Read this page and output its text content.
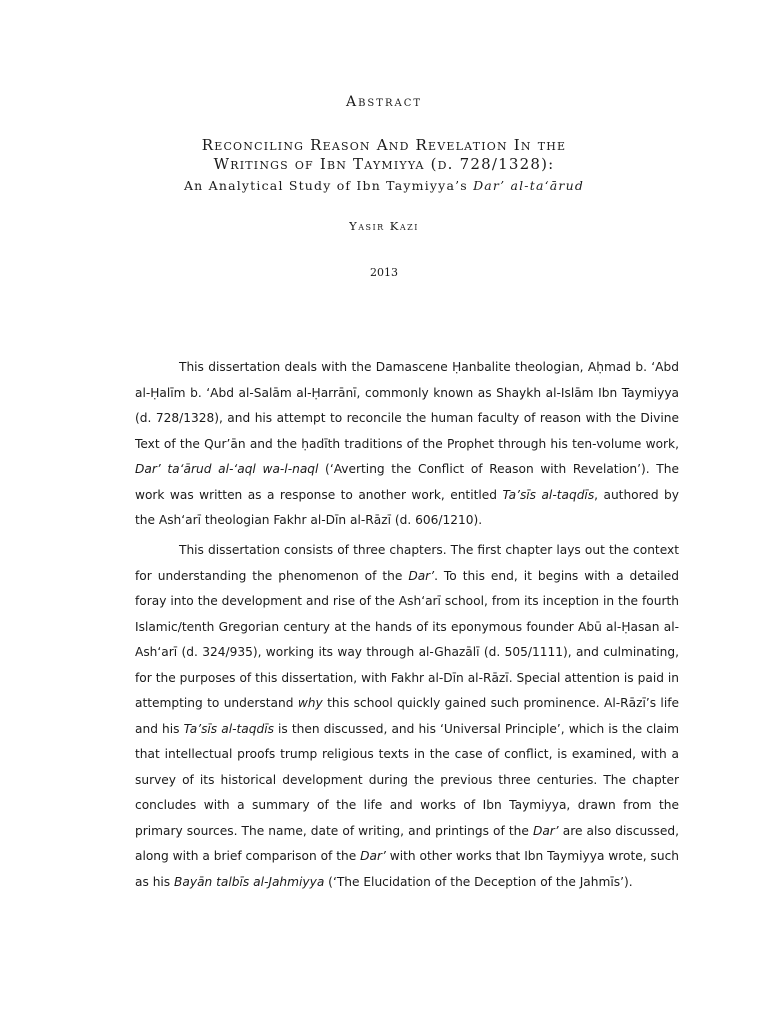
Abstract
Reconciling Reason And Revelation In the
Writings of Ibn Taymiyya (d. 728/1328):
An Analytical Study of Ibn Taymiyya’s Dar’ al-ta‘ārud
Yasir Kazi
2013

This dissertation deals with the Damascene Ḥanbalite theologian, Aḥmad b. ‘Abd al-Ḥalīm b. ‘Abd al-Salām al-Ḥarrānī, commonly known as Shaykh al-Islām Ibn Taymiyya (d. 728/1328), and his attempt to reconcile the human faculty of reason with the Divine Text of the Qur’ān and the ḥadīth traditions of the Prophet through his ten-volume work, Dar’ ta‘ārud al-‘aql wa-l-naql (‘Averting the Conflict of Reason with Revelation’). The work was written as a response to another work, entitled Ta’sīs al-taqdīs, authored by the Ash‘arī theologian Fakhr al-Dīn al-Rāzī (d. 606/1210).

This dissertation consists of three chapters. The first chapter lays out the context for understanding the phenomenon of the Dar’. To this end, it begins with a detailed foray into the development and rise of the Ash‘arī school, from its inception in the fourth Islamic/tenth Gregorian century at the hands of its eponymous founder Abū al-Ḥasan al-Ash‘arī (d. 324/935), working its way through al-Ghazālī (d. 505/1111), and culminating, for the purposes of this dissertation, with Fakhr al-Dīn al-Rāzī. Special attention is paid in attempting to understand why this school quickly gained such prominence. Al-Rāzī’s life and his Ta’sīs al-taqdīs is then discussed, and his ‘Universal Principle’, which is the claim that intellectual proofs trump religious texts in the case of conflict, is examined, with a survey of its historical development during the previous three centuries. The chapter concludes with a summary of the life and works of Ibn Taymiyya, drawn from the primary sources. The name, date of writing, and printings of the Dar’ are also discussed, along with a brief comparison of the Dar’ with other works that Ibn Taymiyya wrote, such as his Bayān talbīs al-Jahmiyya (‘The Elucidation of the Deception of the Jahmīs’).
